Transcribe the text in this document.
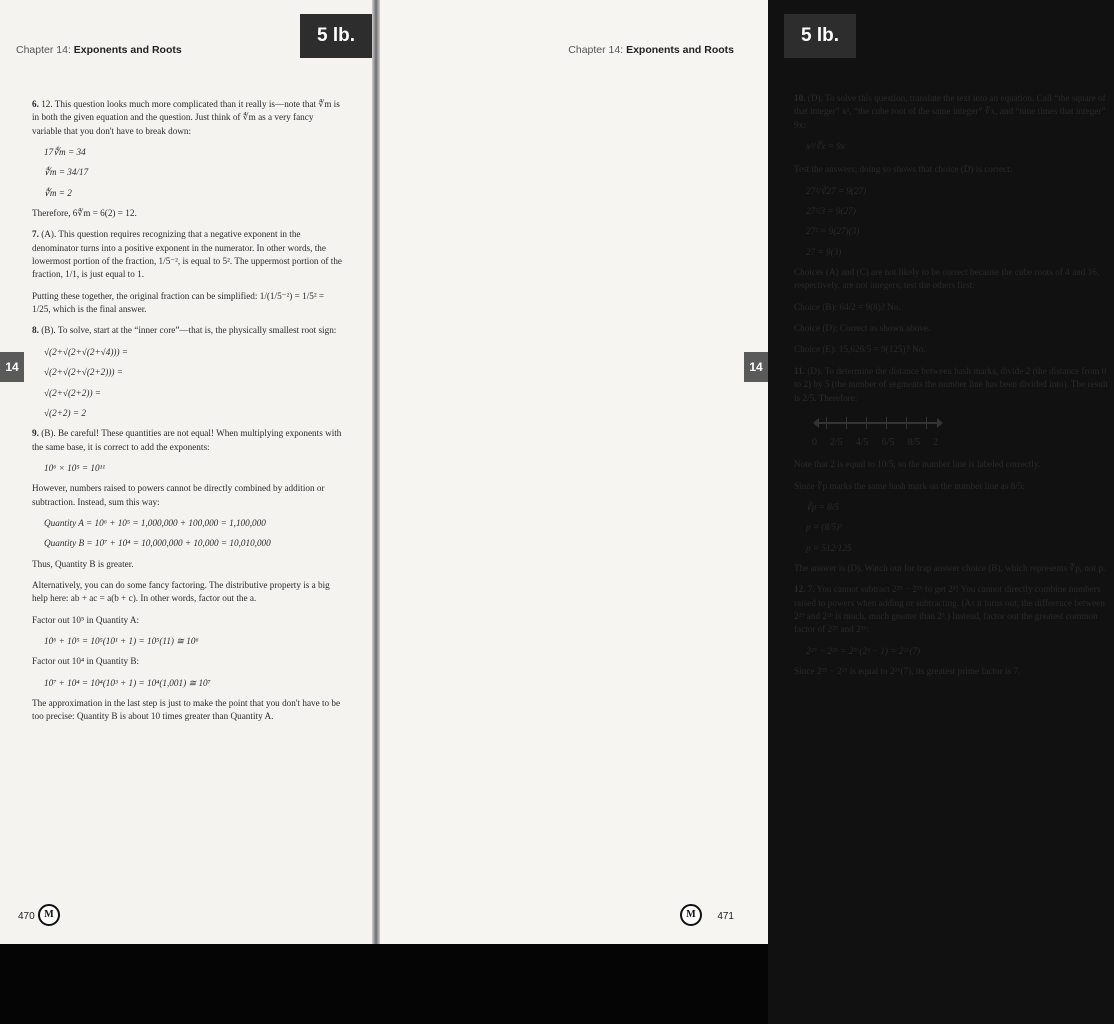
5 lb.
Chapter 14: Exponents and Roots
14

6. 12. This question looks much more complicated than it really is—note that ∜m is in both the given equation and the question. Just think of ∜m as a very fancy variable that you don't have to break down:

17∜m = 34

∜m = 34/17

∜m = 2

Therefore, 6∜m = 6(2) = 12.

7. (A). This question requires recognizing that a negative exponent in the denominator turns into a positive exponent in the numerator. In other words, the lowermost portion of the fraction, 1/5⁻², is equal to 5². The uppermost portion of the fraction, 1/1, is just equal to 1.

Putting these together, the original fraction can be simplified: 1/(1/5⁻²) = 1/5² = 1/25, which is the final answer.

8. (B). To solve, start at the “inner core”—that is, the physically smallest root sign:

√(2+√(2+√(2+√4))) =

√(2+√(2+√(2+2))) =

√(2+√(2+2)) =

√(2+2) = 2

9. (B). Be careful! These quantities are not equal! When multiplying exponents with the same base, it is correct to add the exponents:

10⁶ × 10⁵ = 10¹¹

However, numbers raised to powers cannot be directly combined by addition or subtraction. Instead, sum this way:

Quantity A = 10⁶ + 10⁵ = 1,000,000 + 100,000 = 1,100,000

Quantity B = 10⁷ + 10⁴ = 10,000,000 + 10,000 = 10,010,000

Thus, Quantity B is greater.

Alternatively, you can do some fancy factoring. The distributive property is a big help here: ab + ac = a(b + c). In other words, factor out the a.

Factor out 10⁵ in Quantity A:

10⁶ + 10⁵ = 10⁵(10¹ + 1) = 10⁵(11) ≅ 10⁶

Factor out 10⁴ in Quantity B:

10⁷ + 10⁴ = 10⁴(10³ + 1) = 10⁴(1,001) ≅ 10⁷

The approximation in the last step is just to make the point that you don't have to be too precise: Quantity B is about 10 times greater than Quantity A.

470 M
5 lb.
Chapter 14: Exponents and Roots
14

10. (D). To solve this question, translate the text into an equation. Call “the square of that integer” x², “the cube root of the same integer” ∛x, and “nine times that integer” 9x:

x²/∛x = 9x

Test the answers; doing so shows that choice (D) is correct:

27²/∛27 = 9(27)

27²/3 = 9(27)

27² = 9(27)(3)

27 = 9(3)

Choices (A) and (C) are not likely to be correct because the cube roots of 4 and 16, respectively, are not integers; test the others first:

Choice (B): 64/2 = 9(8)? No.

Choice (D): Correct as shown above.

Choice (E): 15,626/5 = 9(125)? No.

11. (D). To determine the distance between hash marks, divide 2 (the distance from 0 to 2) by 5 (the number of segments the number line has been divided into). The result is 2/5. Therefore:

0 2/5 4/5 6/5 8/5 2

Note that 2 is equal to 10/5, so the number line is labeled correctly.

Since ∛p marks the same hash mark on the number line as 8/5:

∛p = 8/5

p = (8/5)³

p = 512/125

The answer is (D). Watch out for trap answer choice (B), which represents ∛p, not p.

12. 7. You cannot subtract 2²⁹ − 2²⁶ to get 2³! You cannot directly combine numbers raised to powers when adding or subtracting. (As it turns out, the difference between 2²⁹ and 2²⁶ is much, much greater than 2³.) Instead, factor out the greatest common factor of 2²⁹ and 2²⁶:

2²⁹ − 2²⁶ = 2²⁶(2³ − 1) = 2²⁶(7)

Since 2²⁹ − 2²⁶ is equal to 2²⁶(7), its greatest prime factor is 7.

471
M
